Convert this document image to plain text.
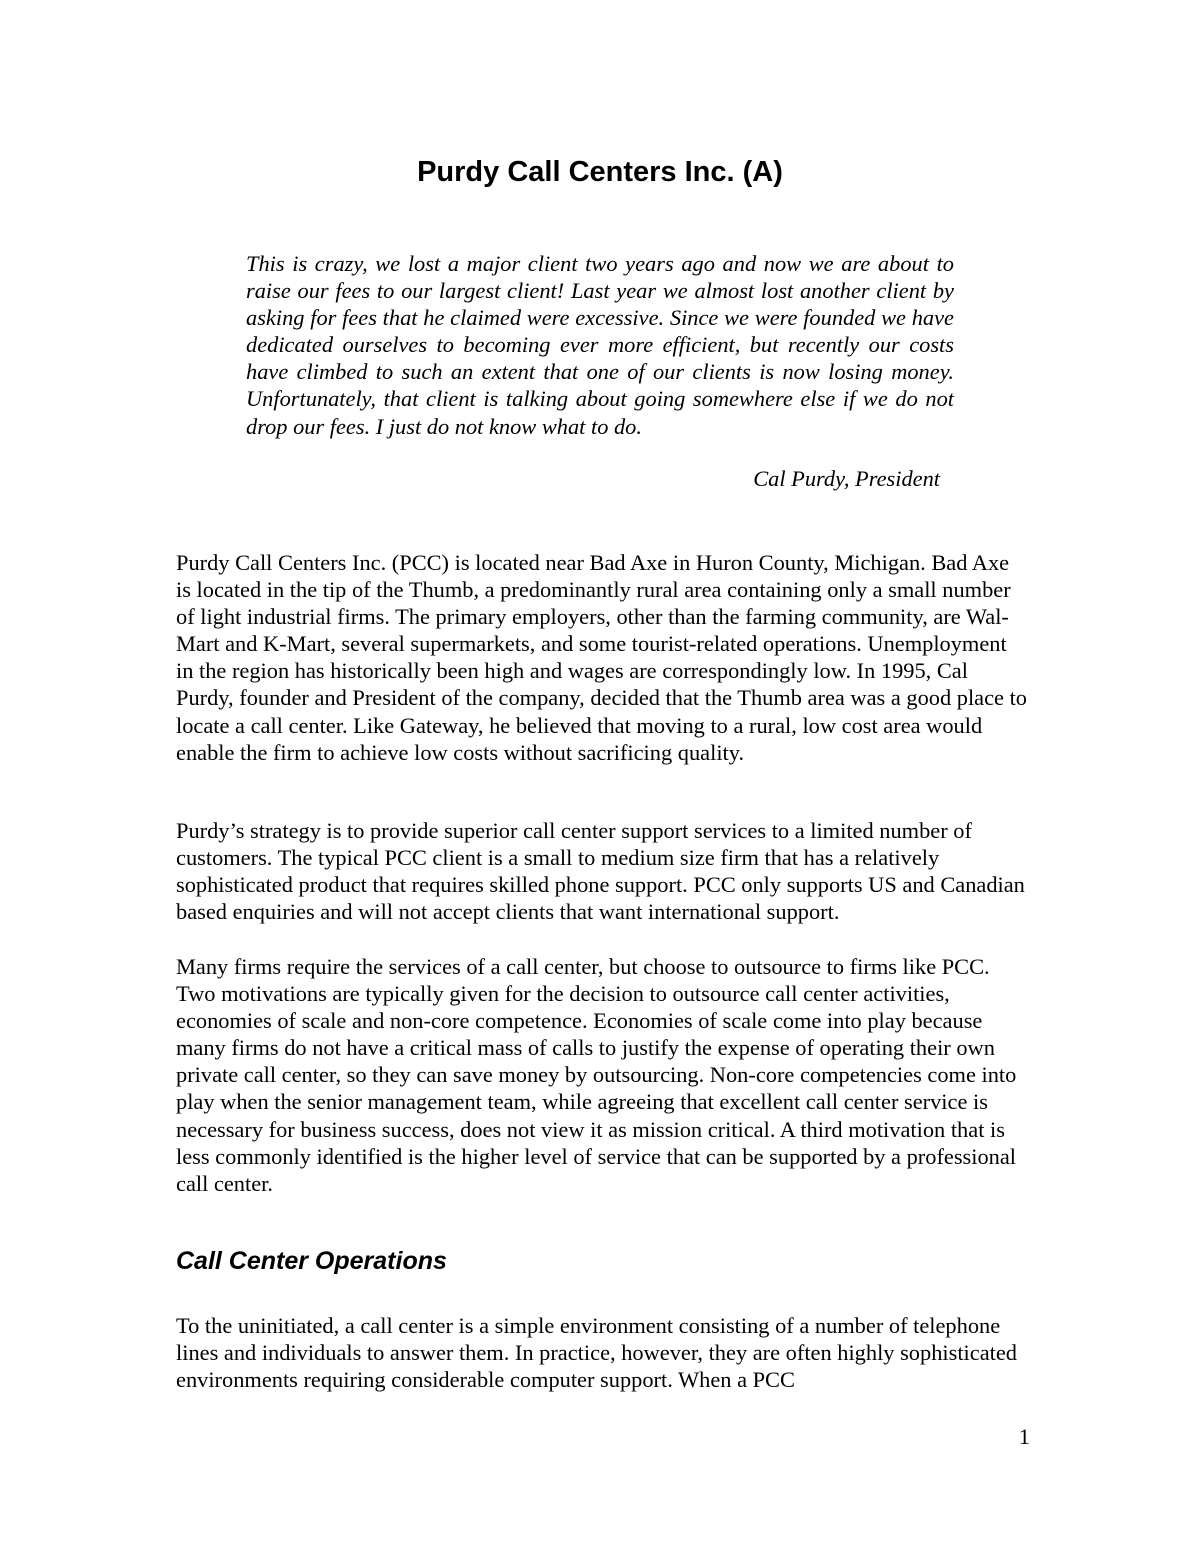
Purdy Call Centers Inc. (A)

This is crazy, we lost a major client two years ago and now we are about to raise our fees to our largest client! Last year we almost lost another client by asking for fees that he claimed were excessive. Since we were founded we have dedicated ourselves to becoming ever more efficient, but recently our costs have climbed to such an extent that one of our clients is now losing money. Unfortunately, that client is talking about going somewhere else if we do not drop our fees. I just do not know what to do.

Cal Purdy, President

Purdy Call Centers Inc. (PCC) is located near Bad Axe in Huron County, Michigan. Bad Axe is located in the tip of the Thumb, a predominantly rural area containing only a small number of light industrial firms. The primary employers, other than the farming community, are Wal-Mart and K-Mart, several supermarkets, and some tourist-related operations. Unemployment in the region has historically been high and wages are correspondingly low. In 1995, Cal Purdy, founder and President of the company, decided that the Thumb area was a good place to locate a call center. Like Gateway, he believed that moving to a rural, low cost area would enable the firm to achieve low costs without sacrificing quality.

Purdy’s strategy is to provide superior call center support services to a limited number of customers. The typical PCC client is a small to medium size firm that has a relatively sophisticated product that requires skilled phone support. PCC only supports US and Canadian based enquiries and will not accept clients that want international support.

Many firms require the services of a call center, but choose to outsource to firms like PCC. Two motivations are typically given for the decision to outsource call center activities, economies of scale and non-core competence. Economies of scale come into play because many firms do not have a critical mass of calls to justify the expense of operating their own private call center, so they can save money by outsourcing. Non-core competencies come into play when the senior management team, while agreeing that excellent call center service is necessary for business success, does not view it as mission critical. A third motivation that is less commonly identified is the higher level of service that can be supported by a professional call center.

Call Center Operations

To the uninitiated, a call center is a simple environment consisting of a number of telephone lines and individuals to answer them. In practice, however, they are often highly sophisticated environments requiring considerable computer support. When a PCC

1
